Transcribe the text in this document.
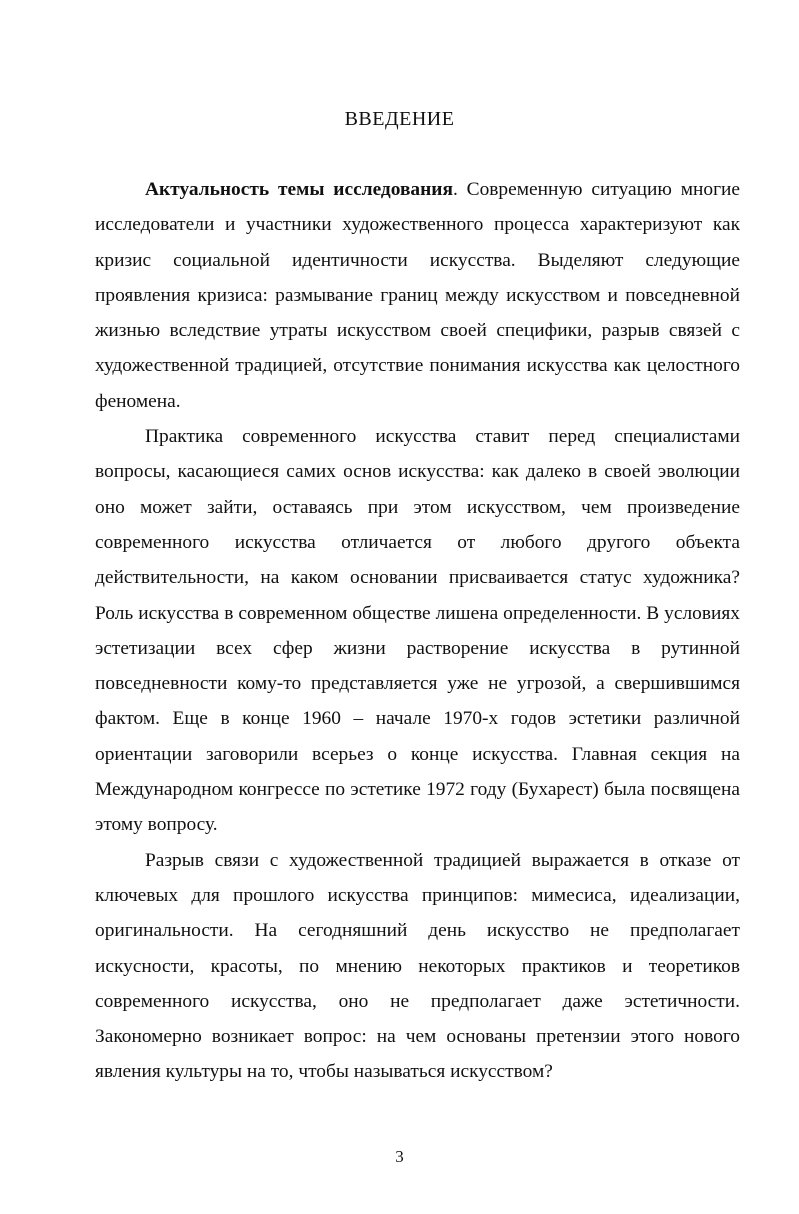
ВВЕДЕНИЕ

Актуальность темы исследования. Современную ситуацию многие исследователи и участники художественного процесса характеризуют как кризис социальной идентичности искусства. Выделяют следующие проявления кризиса: размывание границ между искусством и повседневной жизнью вследствие утраты искусством своей специфики, разрыв связей с художественной традицией, отсутствие понимания искусства как целостного феномена.

Практика современного искусства ставит перед специалистами вопросы, касающиеся самих основ искусства: как далеко в своей эволюции оно может зайти, оставаясь при этом искусством, чем произведение современного искусства отличается от любого другого объекта действительности, на каком основании присваивается статус художника? Роль искусства в современном обществе лишена определенности. В условиях эстетизации всех сфер жизни растворение искусства в рутинной повседневности кому-то представляется уже не угрозой, а свершившимся фактом. Еще в конце 1960 – начале 1970-х годов эстетики различной ориентации заговорили всерьез о конце искусства. Главная секция на Международном конгрессе по эстетике 1972 году (Бухарест) была посвящена этому вопросу.

Разрыв связи с художественной традицией выражается в отказе от ключевых для прошлого искусства принципов: мимесиса, идеализации, оригинальности. На сегодняшний день искусство не предполагает искусности, красоты, по мнению некоторых практиков и теоретиков современного искусства, оно не предполагает даже эстетичности. Закономерно возникает вопрос: на чем основаны претензии этого нового явления культуры на то, чтобы называться искусством?

3
